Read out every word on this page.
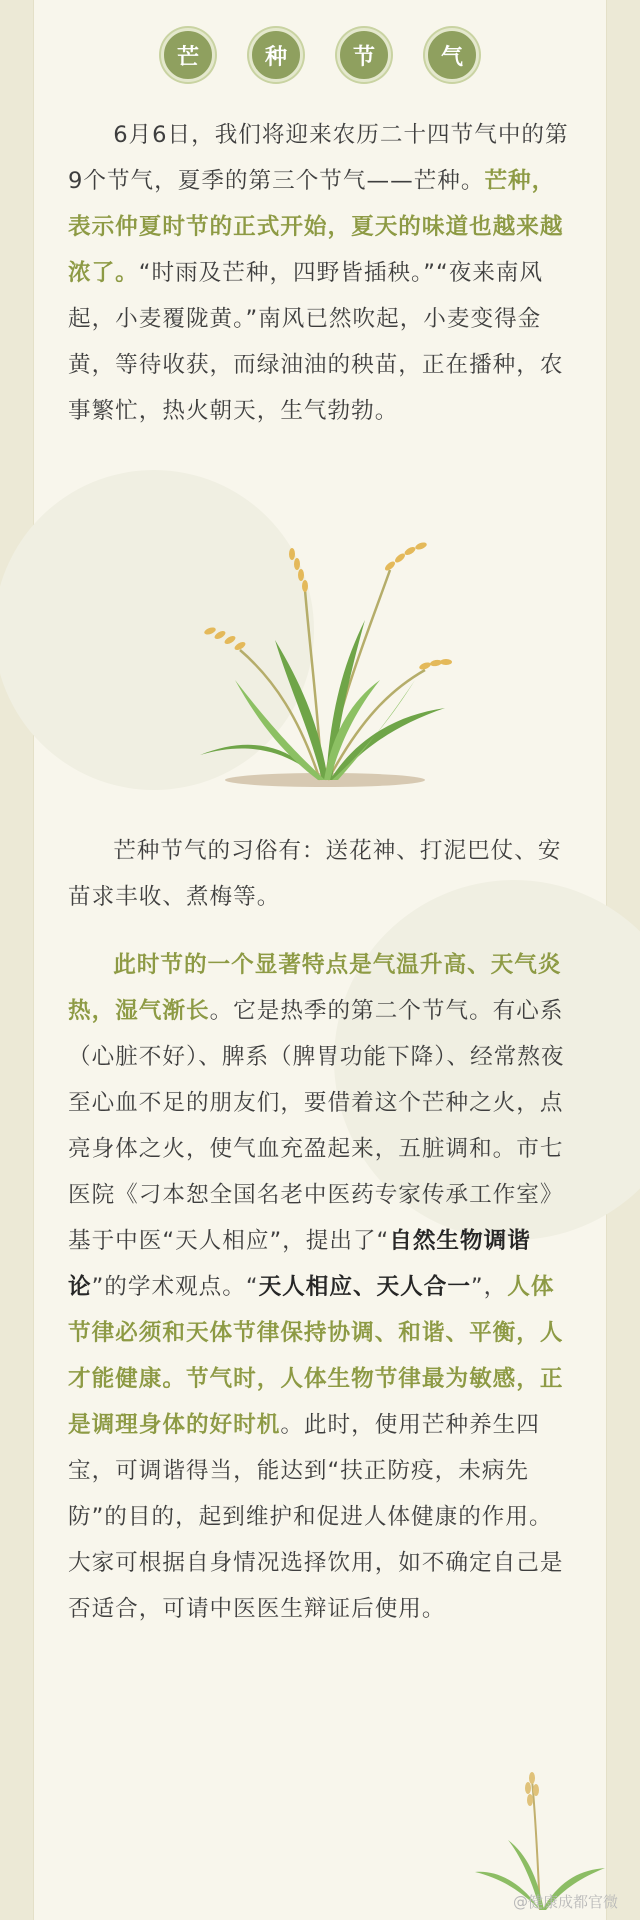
芒	种	节	气

6月6日，我们将迎来农历二十四节气中的第9个节气，夏季的第三个节气——芒种。芒种，表示仲夏时节的正式开始，夏天的味道也越来越浓了。“时雨及芒种，四野皆插秧。”“夜来南风起，小麦覆陇黄。”南风已然吹起，小麦变得金黄，等待收获，而绿油油的秧苗，正在播种，农事繁忙，热火朝天，生气勃勃。

芒种节气的习俗有：送花神、打泥巴仗、安苗求丰收、煮梅等。

此时节的一个显著特点是气温升高、天气炎热，湿气渐长。它是热季的第二个节气。有心系（心脏不好）、脾系（脾胃功能下降）、经常熬夜至心血不足的朋友们，要借着这个芒种之火，点亮身体之火，使气血充盈起来，五脏调和。市七医院《刁本恕全国名老中医药专家传承工作室》基于中医“天人相应”，提出了“自然生物调谐论”的学术观点。“天人相应、天人合一”，人体节律必须和天体节律保持协调、和谐、平衡，人才能健康。节气时，人体生物节律最为敏感，正是调理身体的好时机。此时，使用芒种养生四宝，可调谐得当，能达到“扶正防疫，未病先防”的目的，起到维护和促进人体健康的作用。大家可根据自身情况选择饮用，如不确定自己是否适合，可请中医医生辩证后使用。

@健康成都官微
